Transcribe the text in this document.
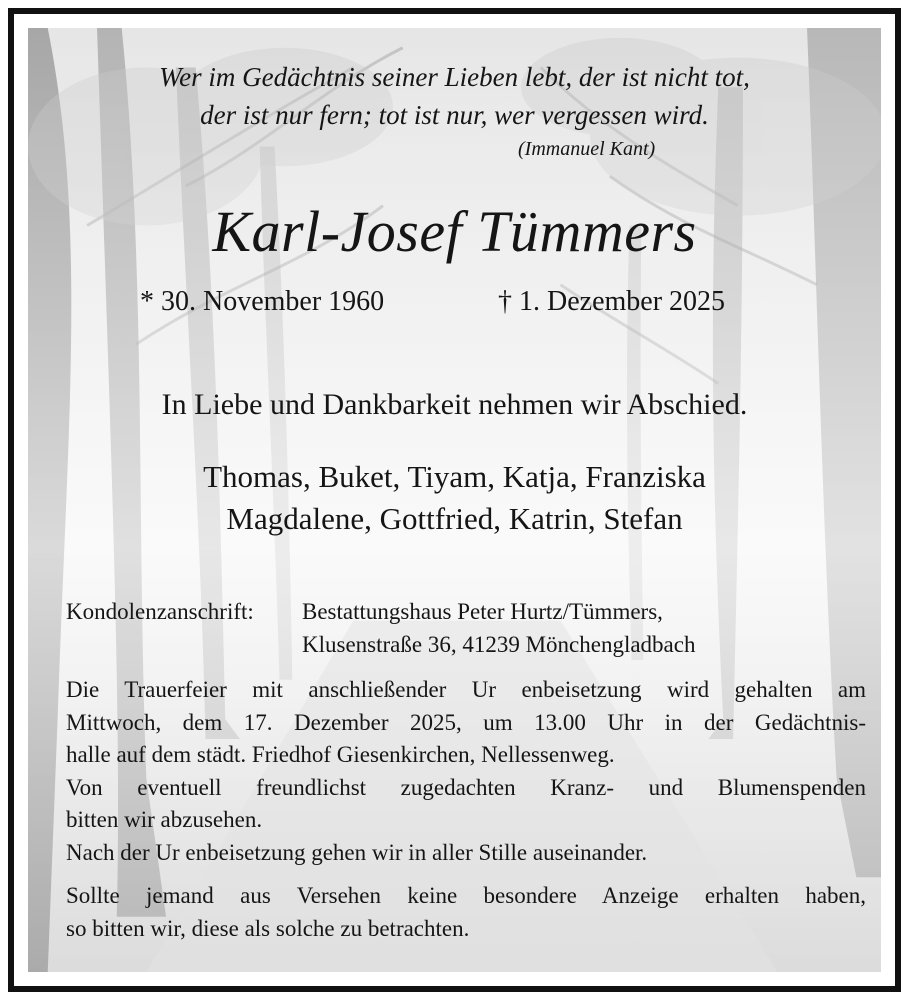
Wer im Gedächtnis seiner Lieben lebt, der ist nicht tot,
der ist nur fern; tot ist nur, wer vergessen wird.
(Immanuel Kant)
Karl-Josef Tümmers
* 30. November 1960	† 1. Dezember 2025
In Liebe und Dankbarkeit nehmen wir Abschied.
Thomas, Buket, Tiyam, Katja, Franziska
Magdalene, Gottfried, Katrin, Stefan
Kondolenzanschrift: Bestattungshaus Peter Hurtz/Tümmers,
Klusenstraße 36, 41239 Mönchengladbach
Die Trauerfeier mit anschließender Ur enbeisetzung wird gehalten am
Mittwoch, dem 17. Dezember 2025, um 13.00 Uhr in der Gedächtnis-
halle auf dem städt. Friedhof Giesenkirchen, Nellessenweg.
Von eventuell freundlichst zugedachten Kranz- und Blumenspenden
bitten wir abzusehen.
Nach der Ur enbeisetzung gehen wir in aller Stille auseinander.
Sollte jemand aus Versehen keine besondere Anzeige erhalten haben,
so bitten wir, diese als solche zu betrachten.
